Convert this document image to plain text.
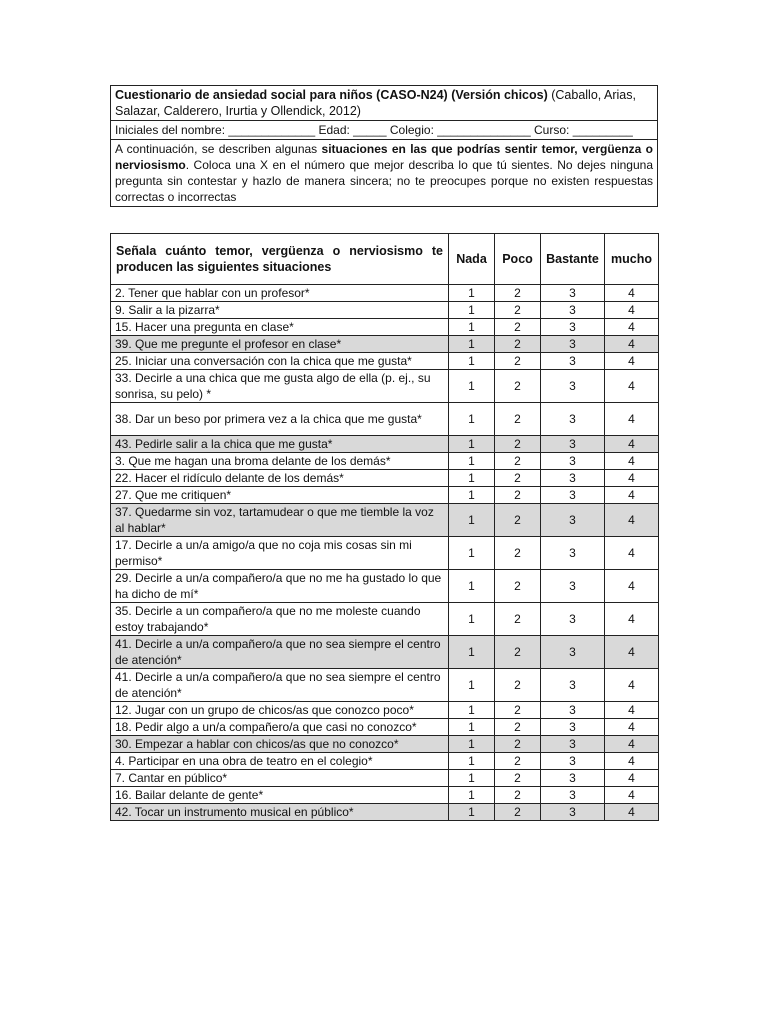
Cuestionario de ansiedad social para niños (CASO-N24) (Versión chicos) (Caballo, Arias, Salazar, Calderero, Irurtia y Ollendick, 2012)
Iniciales del nombre: _____________ Edad: _____ Colegio: ______________ Curso: _________
A continuación, se describen algunas situaciones en las que podrías sentir temor, vergüenza o nerviosismo. Coloca una X en el número que mejor describa lo que tú sientes. No dejes ninguna pregunta sin contestar y hazlo de manera sincera; no te preocupes porque no existen respuestas correctas o incorrectas
Señala cuánto temor, vergüenza o nerviosismo te producen las siguientes situaciones	Nada	Poco	Bastante	mucho
2. Tener que hablar con un profesor*	1	2	3	4
9. Salir a la pizarra*	1	2	3	4
15. Hacer una pregunta en clase*	1	2	3	4
39. Que me pregunte el profesor en clase*	1	2	3	4
25. Iniciar una conversación con la chica que me gusta*	1	2	3	4
33. Decirle a una chica que me gusta algo de ella (p. ej., su sonrisa, su pelo) *	1	2	3	4
38. Dar un beso por primera vez a la chica que me gusta*	1	2	3	4
43. Pedirle salir a la chica que me gusta*	1	2	3	4
3. Que me hagan una broma delante de los demás*	1	2	3	4
22. Hacer el ridículo delante de los demás*	1	2	3	4
27. Que me critiquen*	1	2	3	4
37. Quedarme sin voz, tartamudear o que me tiemble la voz al hablar*	1	2	3	4
17. Decirle a un/a amigo/a que no coja mis cosas sin mi permiso*	1	2	3	4
29. Decirle a un/a compañero/a que no me ha gustado lo que ha dicho de mí*	1	2	3	4
35. Decirle a un compañero/a que no me moleste cuando estoy trabajando*	1	2	3	4
41. Decirle a un/a compañero/a que no sea siempre el centro de atención*	1	2	3	4
41. Decirle a un/a compañero/a que no sea siempre el centro de atención*	1	2	3	4
12. Jugar con un grupo de chicos/as que conozco poco*	1	2	3	4
18. Pedir algo a un/a compañero/a que casi no conozco*	1	2	3	4
30. Empezar a hablar con chicos/as que no conozco*	1	2	3	4
4. Participar en una obra de teatro en el colegio*	1	2	3	4
7. Cantar en público*	1	2	3	4
16. Bailar delante de gente*	1	2	3	4
42. Tocar un instrumento musical en público*	1	2	3	4
